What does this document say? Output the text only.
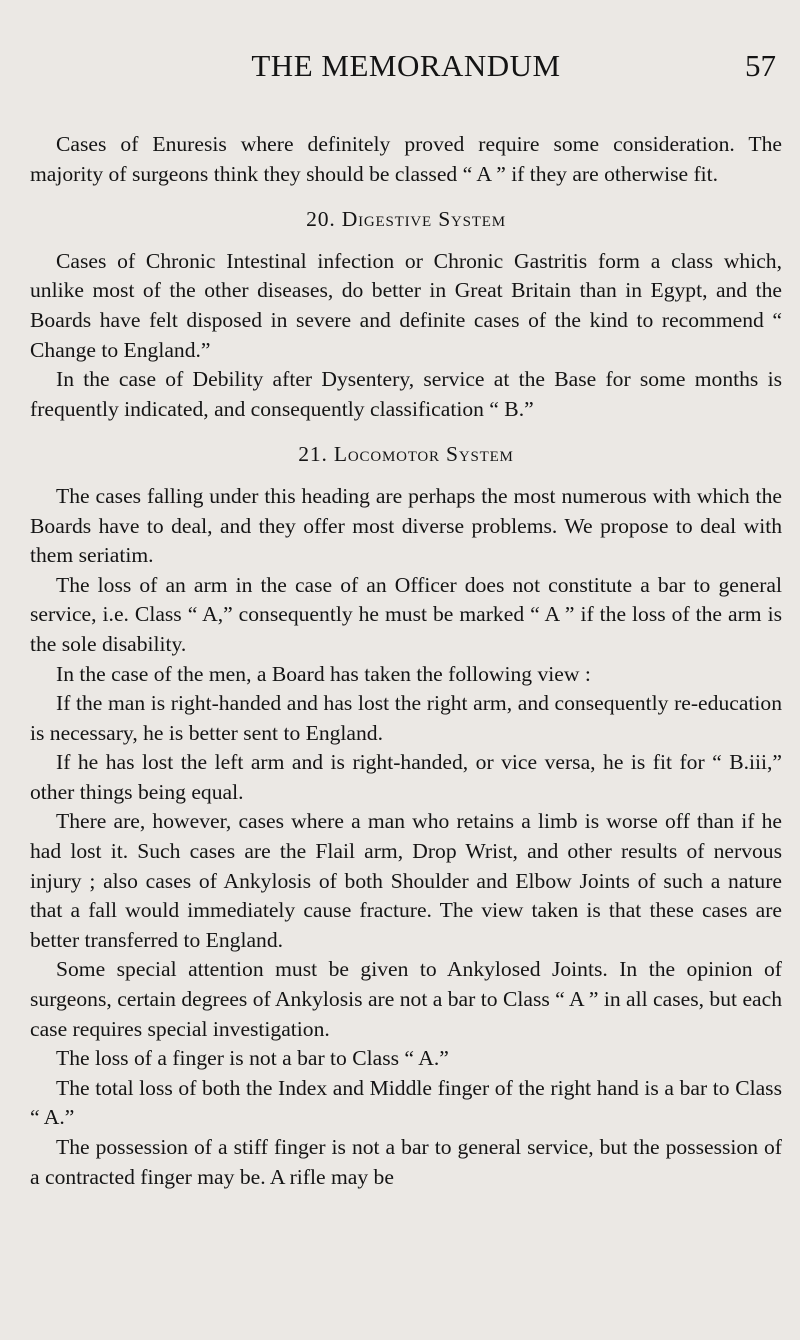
THE MEMORANDUM	57

Cases of Enuresis where definitely proved require some consideration. The majority of surgeons think they should be classed “ A ” if they are otherwise fit.

20. Digestive System

Cases of Chronic Intestinal infection or Chronic Gastritis form a class which, unlike most of the other diseases, do better in Great Britain than in Egypt, and the Boards have felt disposed in severe and definite cases of the kind to recommend “ Change to England.”

In the case of Debility after Dysentery, service at the Base for some months is frequently indicated, and consequently classification “ B.”

21. Locomotor System

The cases falling under this heading are perhaps the most numerous with which the Boards have to deal, and they offer most diverse problems. We propose to deal with them seriatim.

The loss of an arm in the case of an Officer does not constitute a bar to general service, i.e. Class “ A,” consequently he must be marked “ A ” if the loss of the arm is the sole disability.

In the case of the men, a Board has taken the following view :

If the man is right-handed and has lost the right arm, and consequently re-education is necessary, he is better sent to England.

If he has lost the left arm and is right-handed, or vice versa, he is fit for “ B.iii,” other things being equal.

There are, however, cases where a man who retains a limb is worse off than if he had lost it. Such cases are the Flail arm, Drop Wrist, and other results of nervous injury ; also cases of Ankylosis of both Shoulder and Elbow Joints of such a nature that a fall would immediately cause fracture. The view taken is that these cases are better transferred to England.

Some special attention must be given to Ankylosed Joints. In the opinion of surgeons, certain degrees of Ankylosis are not a bar to Class “ A ” in all cases, but each case requires special investigation.

The loss of a finger is not a bar to Class “ A.”

The total loss of both the Index and Middle finger of the right hand is a bar to Class “ A.”

The possession of a stiff finger is not a bar to general service, but the possession of a contracted finger may be. A rifle may be
